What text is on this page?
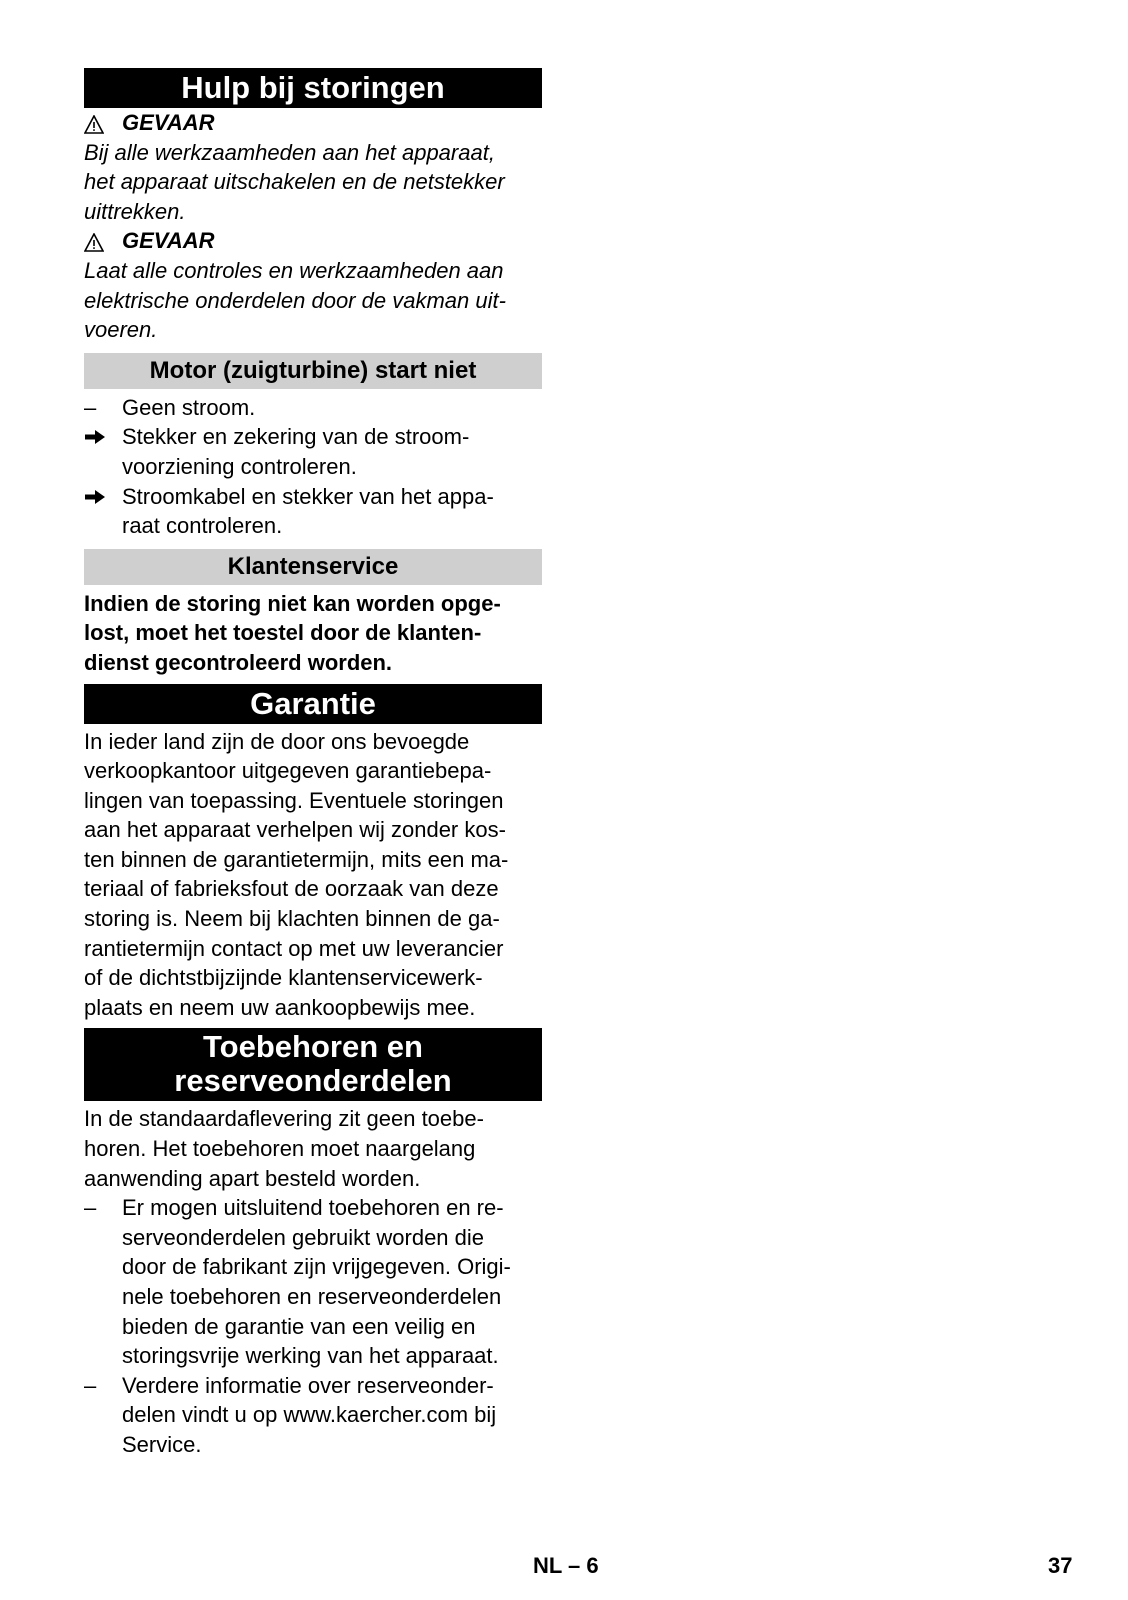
Hulp bij storingen
GEVAAR

Bij alle werkzaamheden aan het apparaat,

het apparaat uitschakelen en de netstekker

uittrekken.

GEVAAR

Laat alle controles en werkzaamheden aan

elektrische onderdelen door de vakman uit-

voeren.

Motor (zuigturbine) start niet
–	Geen stroom.

Stekker en zekering van de stroom-

voorziening controleren.

Stroomkabel en stekker van het appa-

raat controleren.

Klantenservice

Indien de storing niet kan worden opge-

lost, moet het toestel door de klanten-

dienst gecontroleerd worden.

Garantie

In ieder land zijn de door ons bevoegde

verkoopkantoor uitgegeven garantiebepa-

lingen van toepassing. Eventuele storingen

aan het apparaat verhelpen wij zonder kos-

ten binnen de garantietermijn, mits een ma-

teriaal of fabrieksfout de oorzaak van deze

storing is. Neem bij klachten binnen de ga-

rantietermijn contact op met uw leverancier

of de dichtstbijzijnde klantenservicewerk-

plaats en neem uw aankoopbewijs mee.

Toebehoren en
reserveonderdelen

In de standaardaflevering zit geen toebe-

horen. Het toebehoren moet naargelang

aanwending apart besteld worden.

–	Er mogen uitsluitend toebehoren en re-

serveonderdelen gebruikt worden die

door de fabrikant zijn vrijgegeven. Origi-

nele toebehoren en reserveonderdelen

bieden de garantie van een veilig en

storingsvrije werking van het apparaat.

–	Verdere informatie over reserveonder-

delen vindt u op www.kaercher.com bij

Service.

NL – 6	37
